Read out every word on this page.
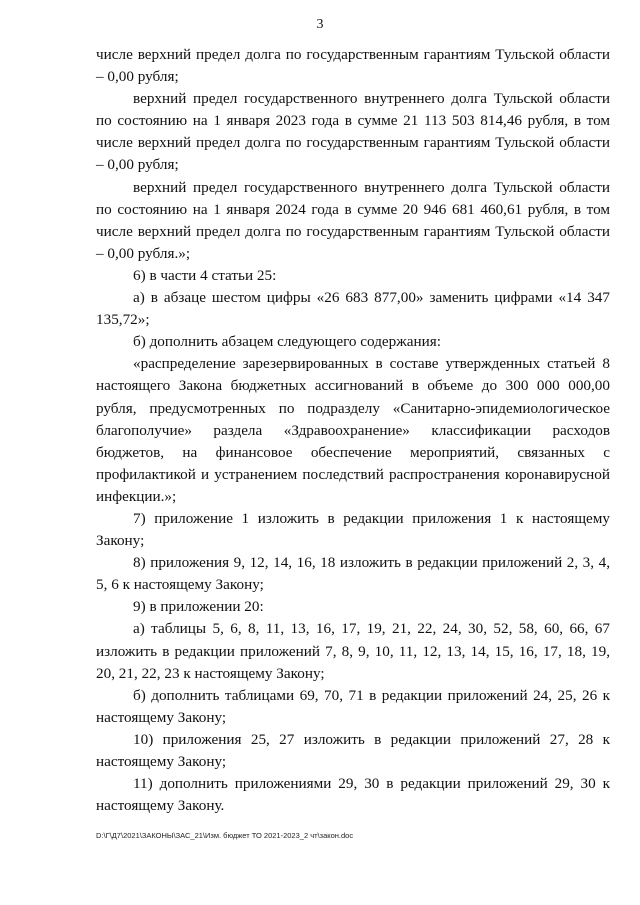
3

числе верхний предел долга по государственным гарантиям Тульской области – 0,00 рубля;

верхний предел государственного внутреннего долга Тульской области по состоянию на 1 января 2023 года в сумме 21 113 503 814,46 рубля, в том числе верхний предел долга по государственным гарантиям Тульской области – 0,00 рубля;

верхний предел государственного внутреннего долга Тульской области по состоянию на 1 января 2024 года в сумме 20 946 681 460,61 рубля, в том числе верхний предел долга по государственным гарантиям Тульской области – 0,00 рубля.»;

6) в части 4 статьи 25:

а) в абзаце шестом цифры «26 683 877,00» заменить цифрами «14 347 135,72»;

б) дополнить абзацем следующего содержания:

«распределение зарезервированных в составе утвержденных статьей 8 настоящего Закона бюджетных ассигнований в объеме до 300 000 000,00 рубля, предусмотренных по подразделу «Санитарно-эпидемиологическое благополучие» раздела «Здравоохранение» классификации расходов бюджетов, на финансовое обеспечение мероприятий, связанных с профилактикой и устранением последствий распространения коронавирусной инфекции.»;

7) приложение 1 изложить в редакции приложения 1 к настоящему Закону;

8) приложения 9, 12, 14, 16, 18 изложить в редакции приложений 2, 3, 4, 5, 6 к настоящему Закону;

9) в приложении 20:

а) таблицы 5, 6, 8, 11, 13, 16, 17, 19, 21, 22, 24, 30, 52, 58, 60, 66, 67 изложить в редакции приложений 7, 8, 9, 10, 11, 12, 13, 14, 15, 16, 17, 18, 19, 20, 21, 22, 23 к настоящему Закону;

б) дополнить таблицами 69, 70, 71 в редакции приложений 24, 25, 26 к настоящему Закону;

10) приложения 25, 27 изложить в редакции приложений 27, 28 к настоящему Закону;

11) дополнить приложениями 29, 30 в редакции приложений 29, 30 к настоящему Закону.

D:\Г\Д7\2021\ЗАКОНЫ\ЗАС_21\Изм. бюджет ТО 2021-2023_2 чт\закон.doc
